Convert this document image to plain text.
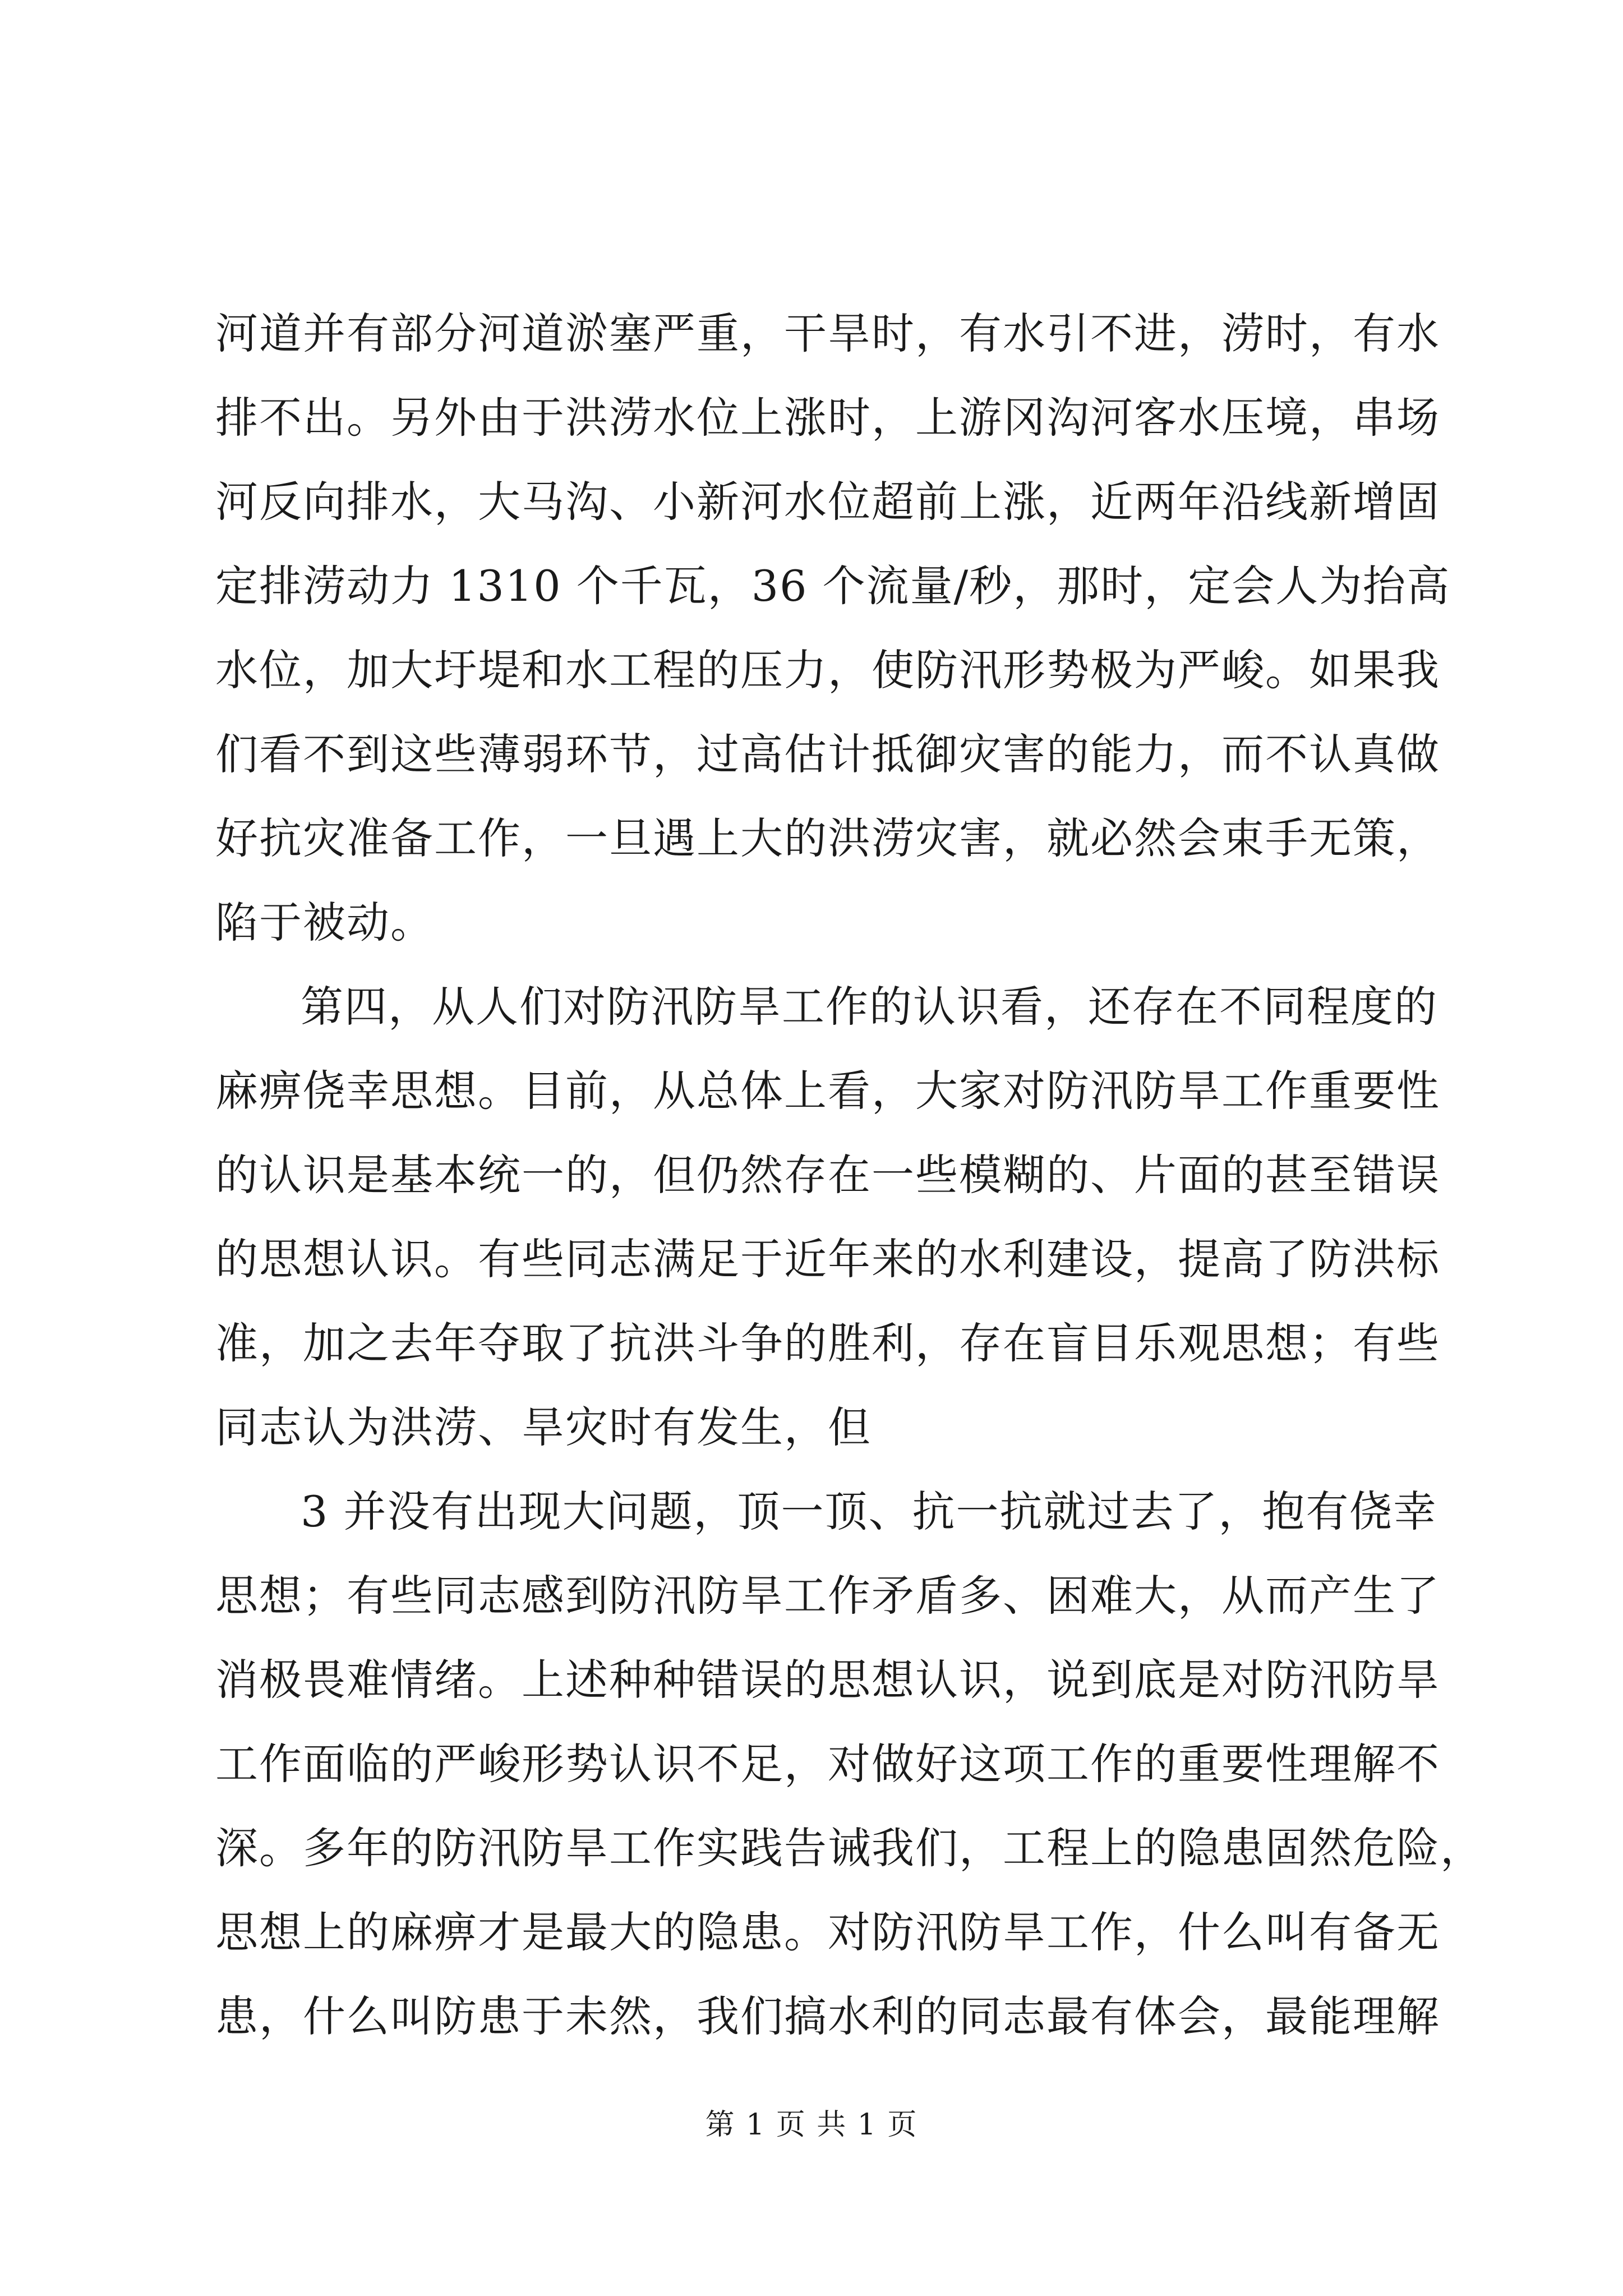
河道并有部分河道淤塞严重，干旱时，有水引不进，涝时，有水
排不出。另外由于洪涝水位上涨时，上游冈沟河客水压境，串场
河反向排水，大马沟、小新河水位超前上涨，近两年沿线新增固
定排涝动力 1310 个千瓦，36 个流量/秒，那时，定会人为抬高
水位，加大圩堤和水工程的压力，使防汛形势极为严峻。如果我
们看不到这些薄弱环节，过高估计抵御灾害的能力，而不认真做
好抗灾准备工作，一旦遇上大的洪涝灾害，就必然会束手无策，
陷于被动。
第四，从人们对防汛防旱工作的认识看，还存在不同程度的
麻痹侥幸思想。目前，从总体上看，大家对防汛防旱工作重要性
的认识是基本统一的，但仍然存在一些模糊的、片面的甚至错误
的思想认识。有些同志满足于近年来的水利建设，提高了防洪标
准，加之去年夺取了抗洪斗争的胜利，存在盲目乐观思想；有些
同志认为洪涝、旱灾时有发生，但
3 并没有出现大问题，顶一顶、抗一抗就过去了，抱有侥幸
思想；有些同志感到防汛防旱工作矛盾多、困难大，从而产生了
消极畏难情绪。上述种种错误的思想认识，说到底是对防汛防旱
工作面临的严峻形势认识不足，对做好这项工作的重要性理解不
深。多年的防汛防旱工作实践告诫我们，工程上的隐患固然危险，
思想上的麻痹才是最大的隐患。对防汛防旱工作，什么叫有备无
患，什么叫防患于未然，我们搞水利的同志最有体会，最能理解
第 1 页 共 1 页
